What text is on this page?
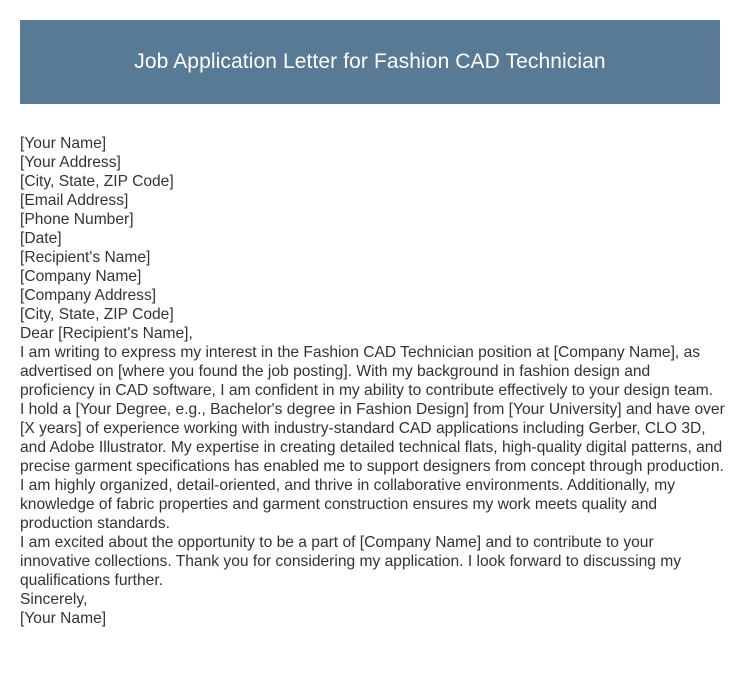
Job Application Letter for Fashion CAD Technician
[Your Name]
[Your Address]
[City, State, ZIP Code]
[Email Address]
[Phone Number]
[Date]
[Recipient's Name]
[Company Name]
[Company Address]
[City, State, ZIP Code]
Dear [Recipient's Name],
I am writing to express my interest in the Fashion CAD Technician position at [Company Name], as advertised on [where you found the job posting]. With my background in fashion design and proficiency in CAD software, I am confident in my ability to contribute effectively to your design team.
I hold a [Your Degree, e.g., Bachelor's degree in Fashion Design] from [Your University] and have over [X years] of experience working with industry-standard CAD applications including Gerber, CLO 3D, and Adobe Illustrator. My expertise in creating detailed technical flats, high-quality digital patterns, and precise garment specifications has enabled me to support designers from concept through production.
I am highly organized, detail-oriented, and thrive in collaborative environments. Additionally, my knowledge of fabric properties and garment construction ensures my work meets quality and production standards.
I am excited about the opportunity to be a part of [Company Name] and to contribute to your innovative collections. Thank you for considering my application. I look forward to discussing my qualifications further.
Sincerely,
[Your Name]
